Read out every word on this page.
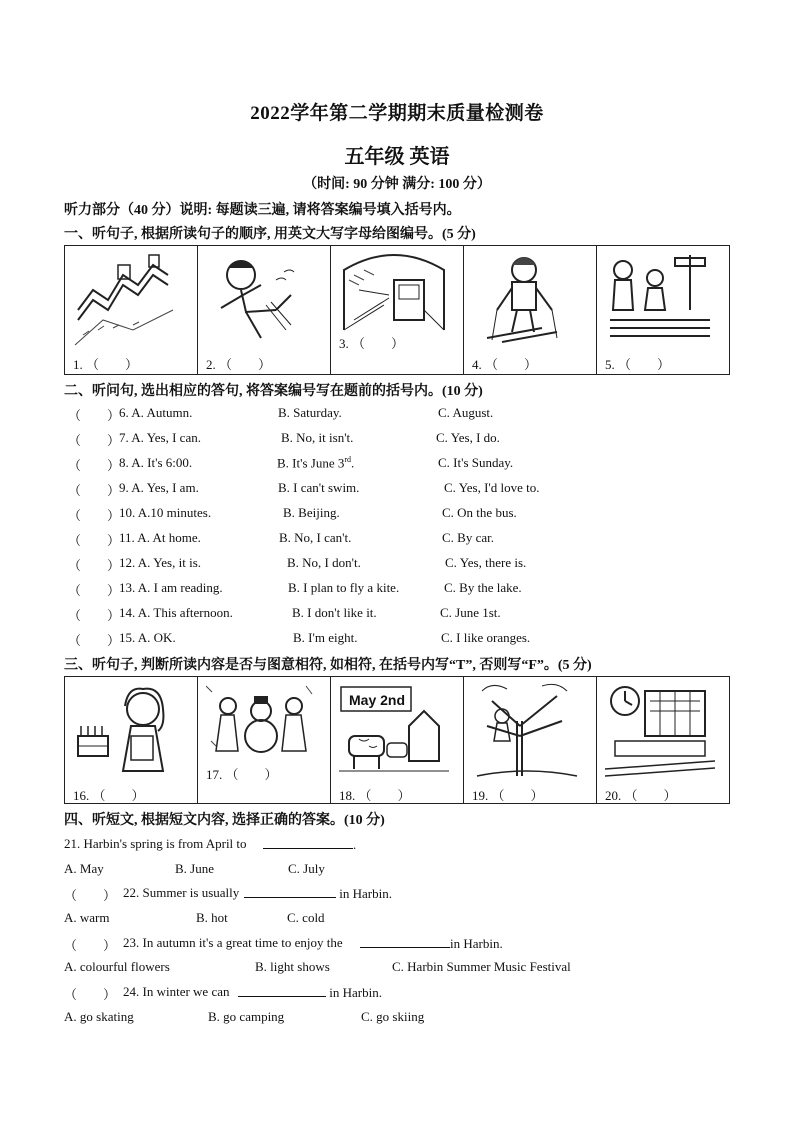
2022学年第二学期期末质量检测卷
五年级 英语
（时间: 90 分钟 满分: 100 分）
听力部分（40 分）说明: 每题读三遍, 请将答案编号填入括号内。
一、听句子, 根据所读句子的顺序, 用英文大写字母给图编号。(5 分)
1. （　　）	2. （　　）
3. （　　）
4. （　　）	5. （　　）
二、听问句, 选出相应的答句, 将答案编号写在题前的括号内。(10 分)
（　　）
6. A. Autumn.	B. Saturday.	C. August.
（　　）
7. A. Yes, I can.	B. No, it isn't.	C. Yes, I do.
（　　）
8. A. It's 6:00.	B. It's June 3rd.	C. It's Sunday.
（　　）
9. A. Yes, I am.	B. I can't swim.	C. Yes, I'd love to.
（　　）
10. A.10 minutes.	B. Beijing.	C. On the bus.
（　　）
11. A. At home.	B. No, I can't.	C. By car.
（　　）
12. A. Yes, it is.	B. No, I don't.	C. Yes, there is.
（　　）
13. A. I am reading.	B. I plan to fly a kite.	C. By the lake.
（　　）
14. A. This afternoon.	B. I don't like it.	C. June 1st.
（　　）
15. A. OK.	B. I'm eight.	C. I like oranges.
三、听句子, 判断所读内容是否与图意相符, 如相符, 在括号内写“T”, 否则写“F”。(5 分)
16. （　　）
17. （　　）
May 2nd
18. （　　）	19. （　　）	20. （　　）
四、听短文, 根据短文内容, 选择正确的答案。(10 分)
21. Harbin's spring is from April to	.
A. May	B. June	C. July
（　　） 22. Summer is usually	in Harbin.
A. warm	B. hot	C. cold
（　　） 23. In autumn it's a great time to enjoy the	in Harbin.
A. colourful flowers	B. light shows	C. Harbin Summer Music Festival
（　　） 24. In winter we can	in Harbin.
A. go skating	B. go camping	C. go skiing
